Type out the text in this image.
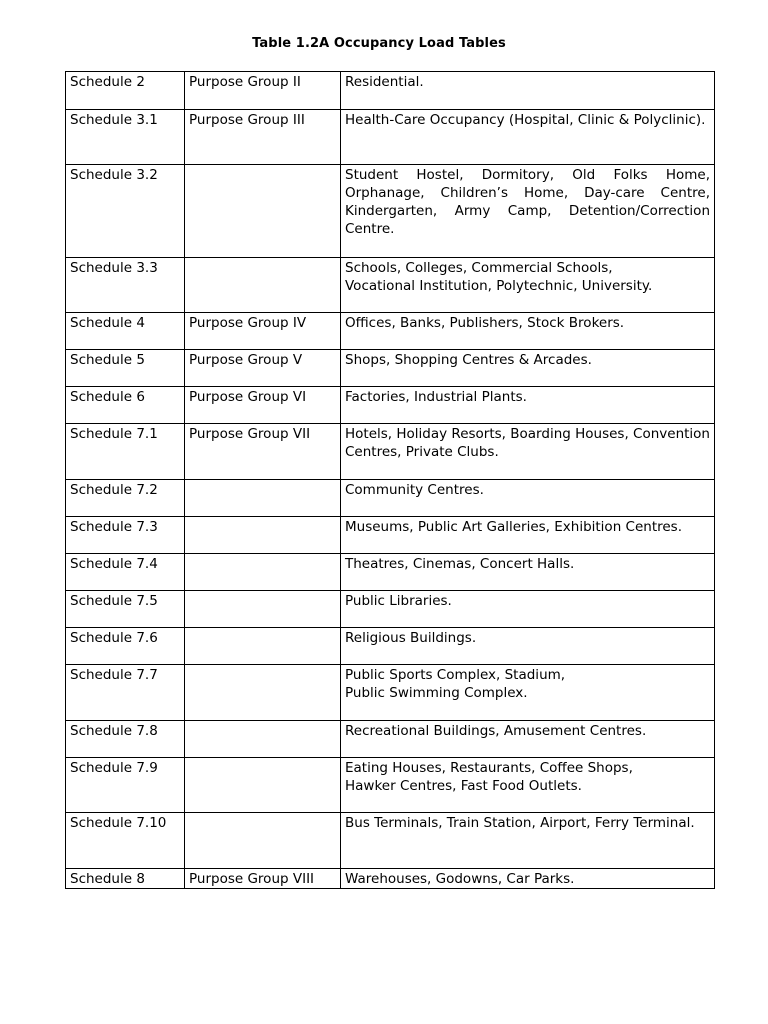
Table 1.2A Occupancy Load Tables
Schedule 2	Purpose Group II	Residential.

Schedule 3.1	Purpose Group III	Health-Care Occupancy (Hospital, Clinic & Polyclinic).

Schedule 3.2		Student Hostel, Dormitory, Old Folks Home, Orphanage, Children’s Home, Day-care Centre, Kindergarten, Army Camp, Detention/Correction Centre.

Schedule 3.3		Schools, Colleges, Commercial Schools,
Vocational Institution, Polytechnic, University.

Schedule 4	Purpose Group IV	Offices, Banks, Publishers, Stock Brokers.

Schedule 5	Purpose Group V	Shops, Shopping Centres & Arcades.

Schedule 6	Purpose Group VI	Factories, Industrial Plants.

Schedule 7.1	Purpose Group VII	Hotels, Holiday Resorts, Boarding Houses, Convention Centres, Private Clubs.

Schedule 7.2		Community Centres.

Schedule 7.3		Museums, Public Art Galleries, Exhibition Centres.

Schedule 7.4		Theatres, Cinemas, Concert Halls.

Schedule 7.5		Public Libraries.

Schedule 7.6		Religious Buildings.

Schedule 7.7		Public Sports Complex, Stadium,
Public Swimming Complex.

Schedule 7.8		Recreational Buildings, Amusement Centres.

Schedule 7.9		Eating Houses, Restaurants, Coffee Shops,
Hawker Centres, Fast Food Outlets.

Schedule 7.10		Bus Terminals, Train Station, Airport, Ferry Terminal.

Schedule 8	Purpose Group VIII	Warehouses, Godowns, Car Parks.
